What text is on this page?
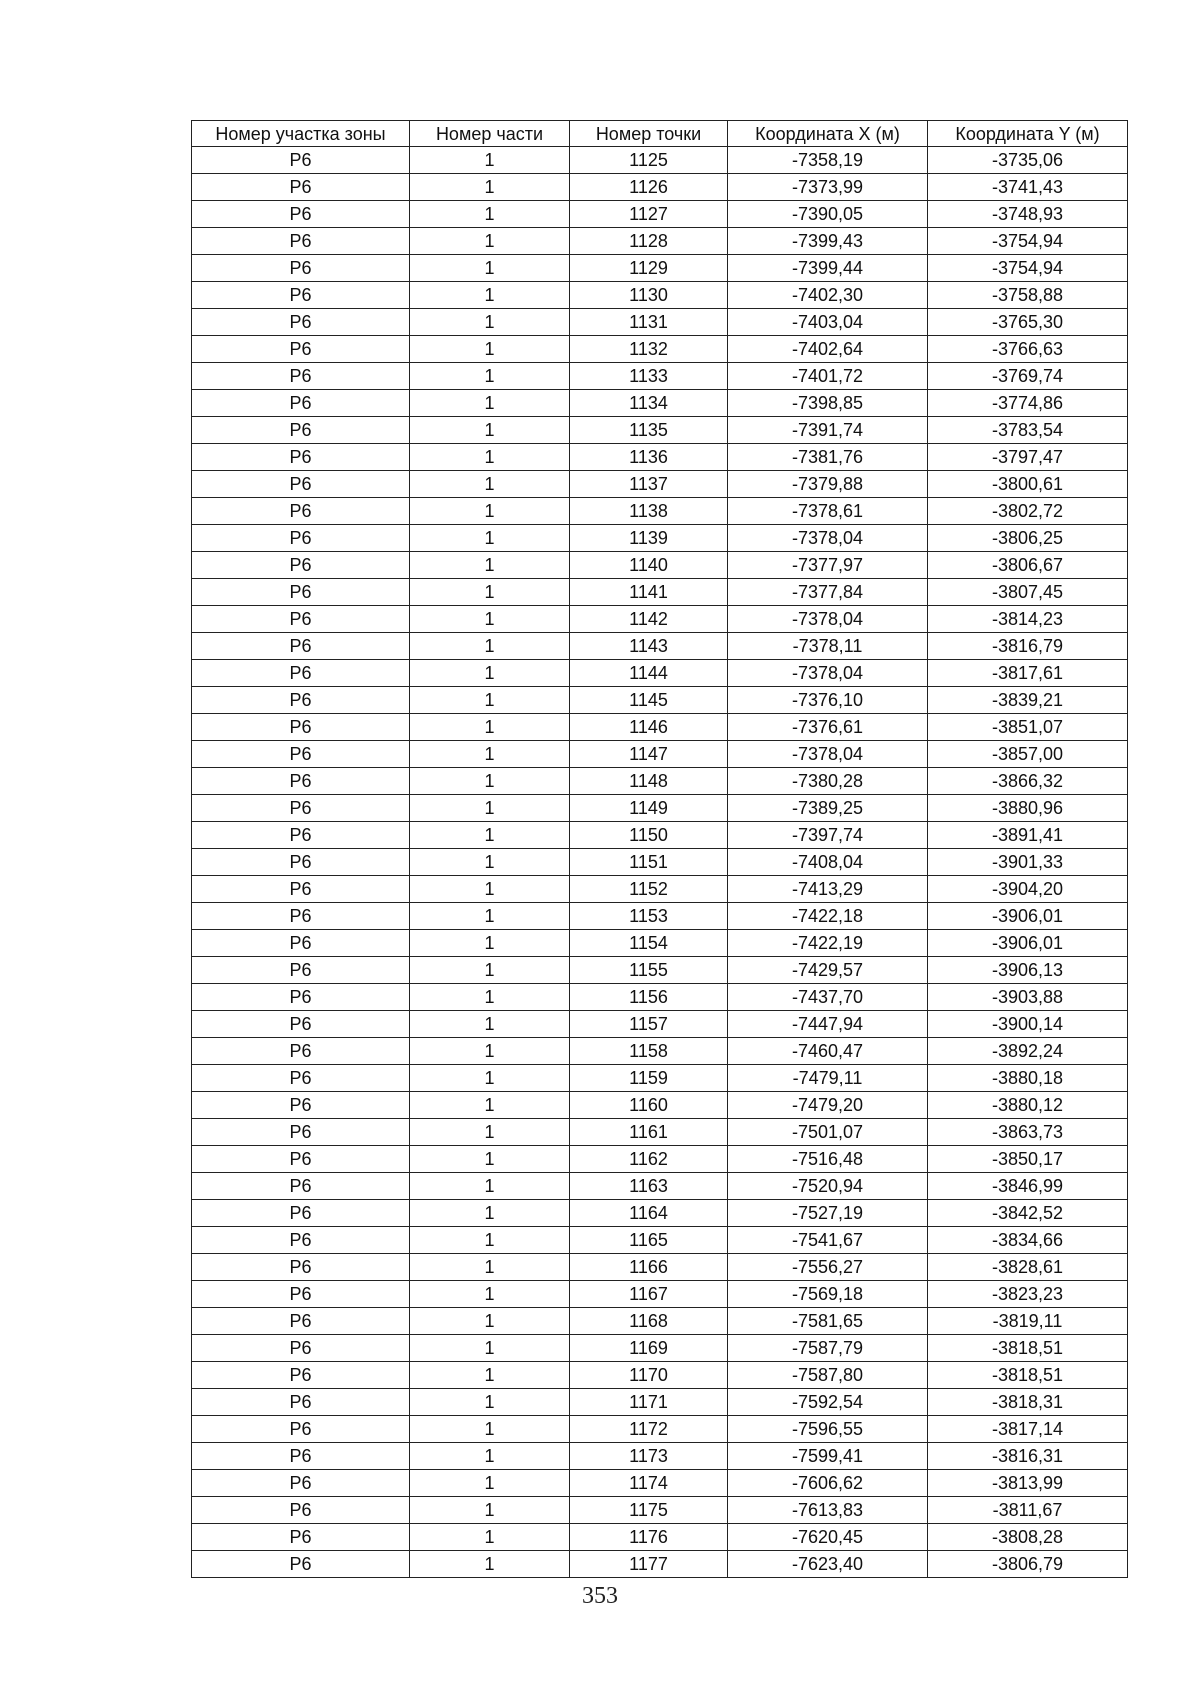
Номер участка зоны	Номер части	Номер точки	Координата X (м)	Координата Y (м)
Р6	1	1125	-7358,19	-3735,06
Р6	1	1126	-7373,99	-3741,43
Р6	1	1127	-7390,05	-3748,93
Р6	1	1128	-7399,43	-3754,94
Р6	1	1129	-7399,44	-3754,94
Р6	1	1130	-7402,30	-3758,88
Р6	1	1131	-7403,04	-3765,30
Р6	1	1132	-7402,64	-3766,63
Р6	1	1133	-7401,72	-3769,74
Р6	1	1134	-7398,85	-3774,86
Р6	1	1135	-7391,74	-3783,54
Р6	1	1136	-7381,76	-3797,47
Р6	1	1137	-7379,88	-3800,61
Р6	1	1138	-7378,61	-3802,72
Р6	1	1139	-7378,04	-3806,25
Р6	1	1140	-7377,97	-3806,67
Р6	1	1141	-7377,84	-3807,45
Р6	1	1142	-7378,04	-3814,23
Р6	1	1143	-7378,11	-3816,79
Р6	1	1144	-7378,04	-3817,61
Р6	1	1145	-7376,10	-3839,21
Р6	1	1146	-7376,61	-3851,07
Р6	1	1147	-7378,04	-3857,00
Р6	1	1148	-7380,28	-3866,32
Р6	1	1149	-7389,25	-3880,96
Р6	1	1150	-7397,74	-3891,41
Р6	1	1151	-7408,04	-3901,33
Р6	1	1152	-7413,29	-3904,20
Р6	1	1153	-7422,18	-3906,01
Р6	1	1154	-7422,19	-3906,01
Р6	1	1155	-7429,57	-3906,13
Р6	1	1156	-7437,70	-3903,88
Р6	1	1157	-7447,94	-3900,14
Р6	1	1158	-7460,47	-3892,24
Р6	1	1159	-7479,11	-3880,18
Р6	1	1160	-7479,20	-3880,12
Р6	1	1161	-7501,07	-3863,73
Р6	1	1162	-7516,48	-3850,17
Р6	1	1163	-7520,94	-3846,99
Р6	1	1164	-7527,19	-3842,52
Р6	1	1165	-7541,67	-3834,66
Р6	1	1166	-7556,27	-3828,61
Р6	1	1167	-7569,18	-3823,23
Р6	1	1168	-7581,65	-3819,11
Р6	1	1169	-7587,79	-3818,51
Р6	1	1170	-7587,80	-3818,51
Р6	1	1171	-7592,54	-3818,31
Р6	1	1172	-7596,55	-3817,14
Р6	1	1173	-7599,41	-3816,31
Р6	1	1174	-7606,62	-3813,99
Р6	1	1175	-7613,83	-3811,67
Р6	1	1176	-7620,45	-3808,28
Р6	1	1177	-7623,40	-3806,79
353
